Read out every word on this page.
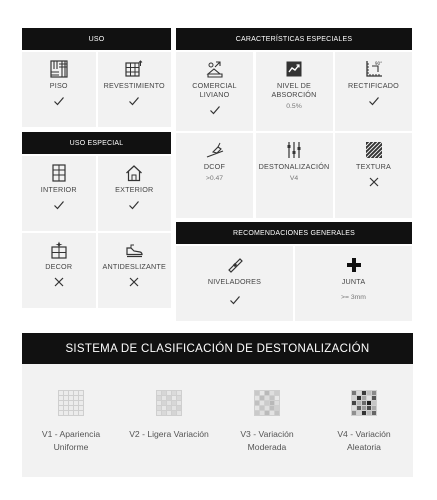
USO
PISO	REVESTIMIENTO
USO ESPECIAL
INTERIOR	EXTERIOR
DECOR	ANTIDESLIZANTE
CARACTERÍSTICAS ESPECIALES
COMERCIAL
LIVIANO
NIVEL DE
ABSORCIÓN
0.5%
90°
RECTIFICADO
DCOF
>0.47
DESTONALIZACIÓN
V4
TEXTURA
RECOMENDACIONES GENERALES
NIVELADORES	JUNTA
>= 3mm
SISTEMA DE CLASIFICACIÓN DE DESTONALIZACIÓN
V1 - Apariencia
Uniforme
V2 - Ligera Variación	V3 - Variación
Moderada
V4 - Variación
Aleatoria
